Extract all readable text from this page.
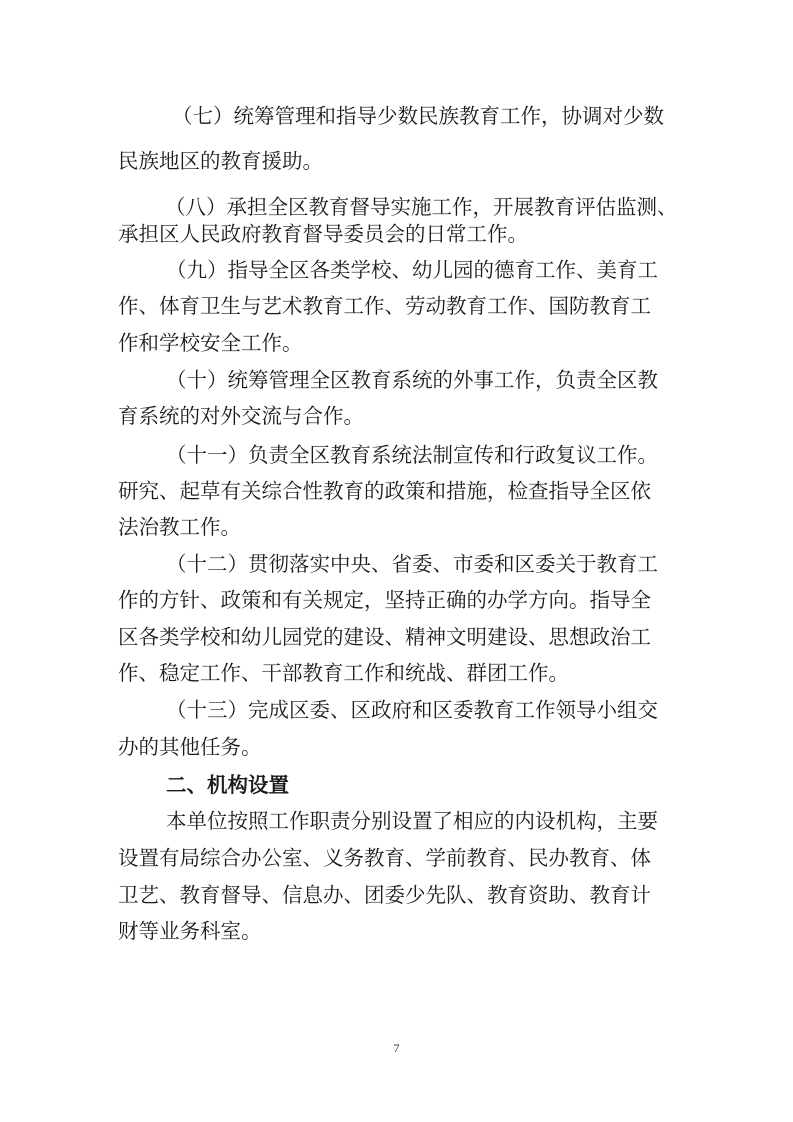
（七）统筹管理和指导少数民族教育工作，协调对少数
民族地区的教育援助。
（八）承担全区教育督导实施工作，开展教育评估监测、
承担区人民政府教育督导委员会的日常工作。
（九）指导全区各类学校、幼儿园的德育工作、美育工
作、体育卫生与艺术教育工作、劳动教育工作、国防教育工
作和学校安全工作。
（十）统筹管理全区教育系统的外事工作，负责全区教
育系统的对外交流与合作。
（十一）负责全区教育系统法制宣传和行政复议工作。
研究、起草有关综合性教育的政策和措施，检查指导全区依
法治教工作。
（十二）贯彻落实中央、省委、市委和区委关于教育工
作的方针、政策和有关规定，坚持正确的办学方向。指导全
区各类学校和幼儿园党的建设、精神文明建设、思想政治工
作、稳定工作、干部教育工作和统战、群团工作。
（十三）完成区委、区政府和区委教育工作领导小组交
办的其他任务。
二、机构设置
本单位按照工作职责分别设置了相应的内设机构，主要
设置有局综合办公室、义务教育、学前教育、民办教育、体
卫艺、教育督导、信息办、团委少先队、教育资助、教育计
财等业务科室。
7
